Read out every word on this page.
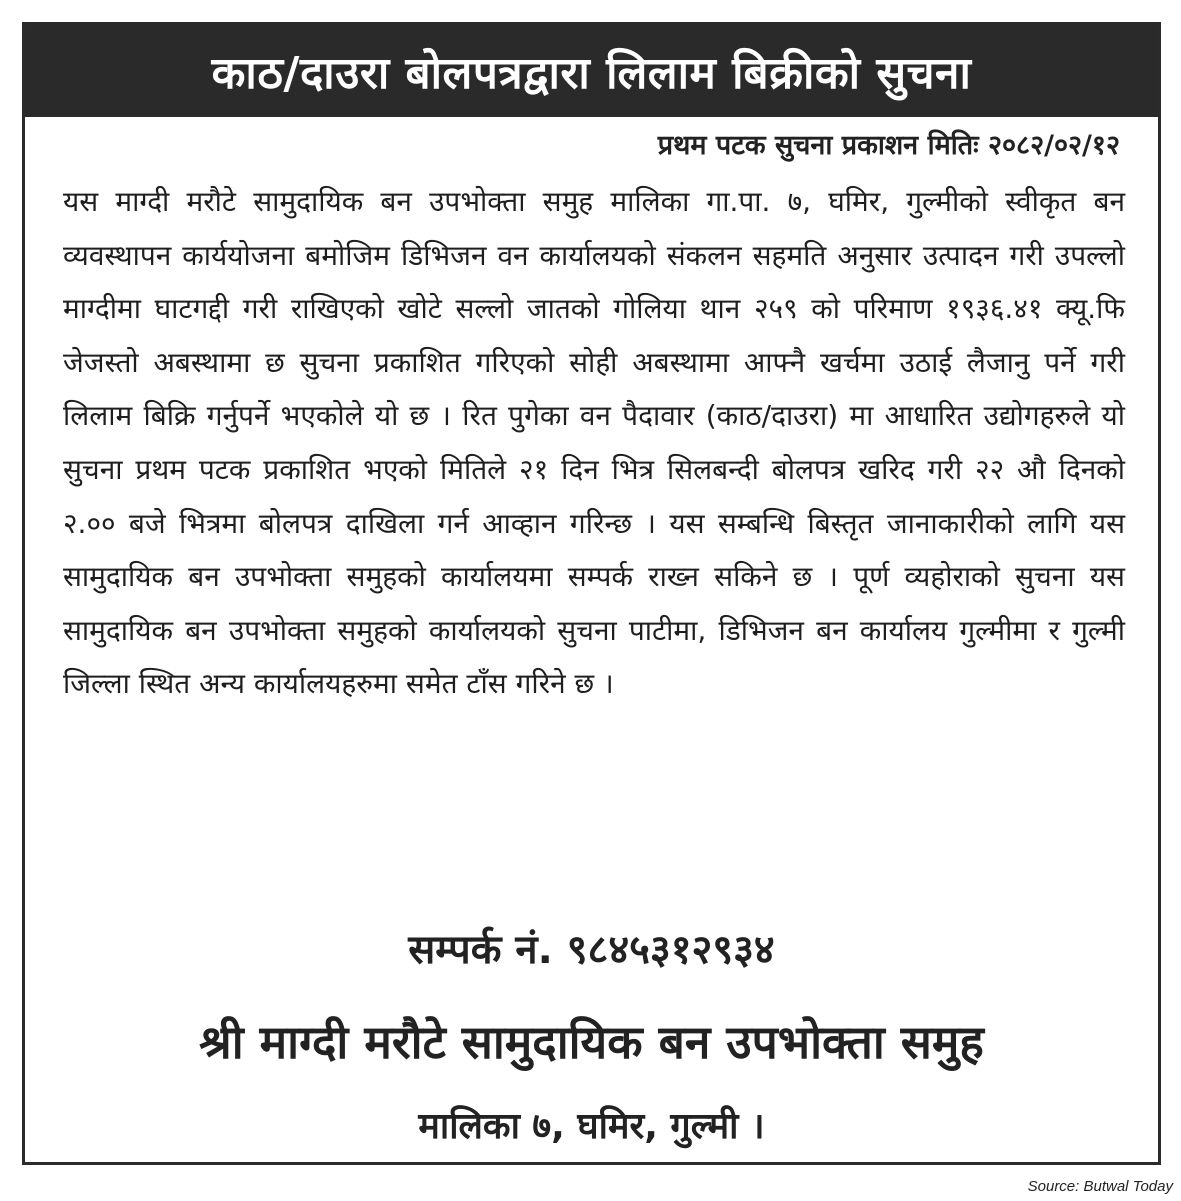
काठ/दाउरा बोलपत्रद्वारा लिलाम बिक्रीको सुचना
प्रथम पटक सुचना प्रकाशन मितिः २०८२/०२/१२
यस माग्दी मरौटे सामुदायिक बन उपभोक्ता समुह मालिका गा.पा. ७, घमिर, गुल्मीको स्वीकृत बन व्यवस्थापन कार्ययोजना बमोजिम डिभिजन वन कार्यालयको संकलन सहमति अनुसार उत्पादन गरी उपल्लो माग्दीमा घाटगद्दी गरी राखिएको खोटे सल्लो जातको गोलिया थान २५९ को परिमाण १९३६.४१ क्यू.फि जेजस्तो अबस्थामा छ सुचना प्रकाशित गरिएको सोही अबस्थामा आफ्नै खर्चमा उठाई लैजानु पर्ने गरी लिलाम बिक्रि गर्नुपर्ने भएकोले यो छ । रित पुगेका वन पैदावार (काठ/दाउरा) मा आधारित उद्योगहरुले यो सुचना प्रथम पटक प्रकाशित भएको मितिले २१ दिन भित्र सिलबन्दी बोलपत्र खरिद गरी २२ औ दिनको २.०० बजे भित्रमा बोलपत्र दाखिला गर्न आव्हान गरिन्छ । यस सम्बन्धि बिस्तृत जानाकारीको लागि यस सामुदायिक बन उपभोक्ता समुहको कार्यालयमा सम्पर्क राख्न सकिने छ । पूर्ण व्यहोराको सुचना यस सामुदायिक बन उपभोक्ता समुहको कार्यालयको सुचना पाटीमा, डिभिजन बन कार्यालय गुल्मीमा र गुल्मी जिल्ला स्थित अन्य कार्यालयहरुमा समेत टाँस गरिने छ ।
सम्पर्क नं. ९८४५३१२९३४
श्री माग्दी मरौटे सामुदायिक बन उपभोक्ता समुह
मालिका ७, घमिर, गुल्मी ।
Source: Butwal Today
